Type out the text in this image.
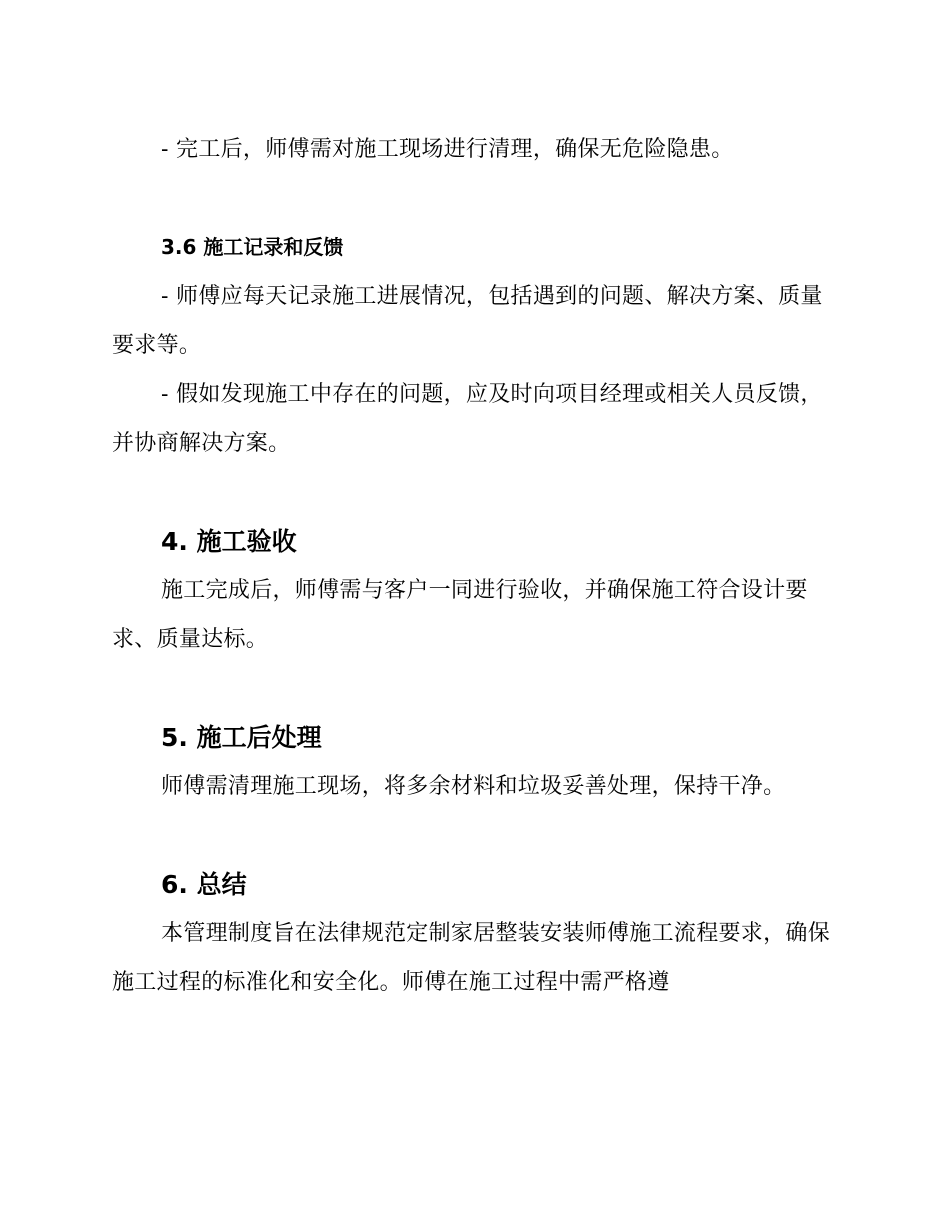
- 完工后，师傅需对施工现场进行清理，确保无危险隐患。

3.6 施工记录和反馈

- 师傅应每天记录施工进展情况，包括遇到的问题、解决方案、质量要求等。

- 假如发现施工中存在的问题，应及时向项目经理或相关人员反馈，并协商解决方案。

4. 施工验收

施工完成后，师傅需与客户一同进行验收，并确保施工符合设计要求、质量达标。

5. 施工后处理

师傅需清理施工现场，将多余材料和垃圾妥善处理，保持干净。

6. 总结

本管理制度旨在法律规范定制家居整装安装师傅施工流程要求，确保施工过程的标准化和安全化。师傅在施工过程中需严格遵
